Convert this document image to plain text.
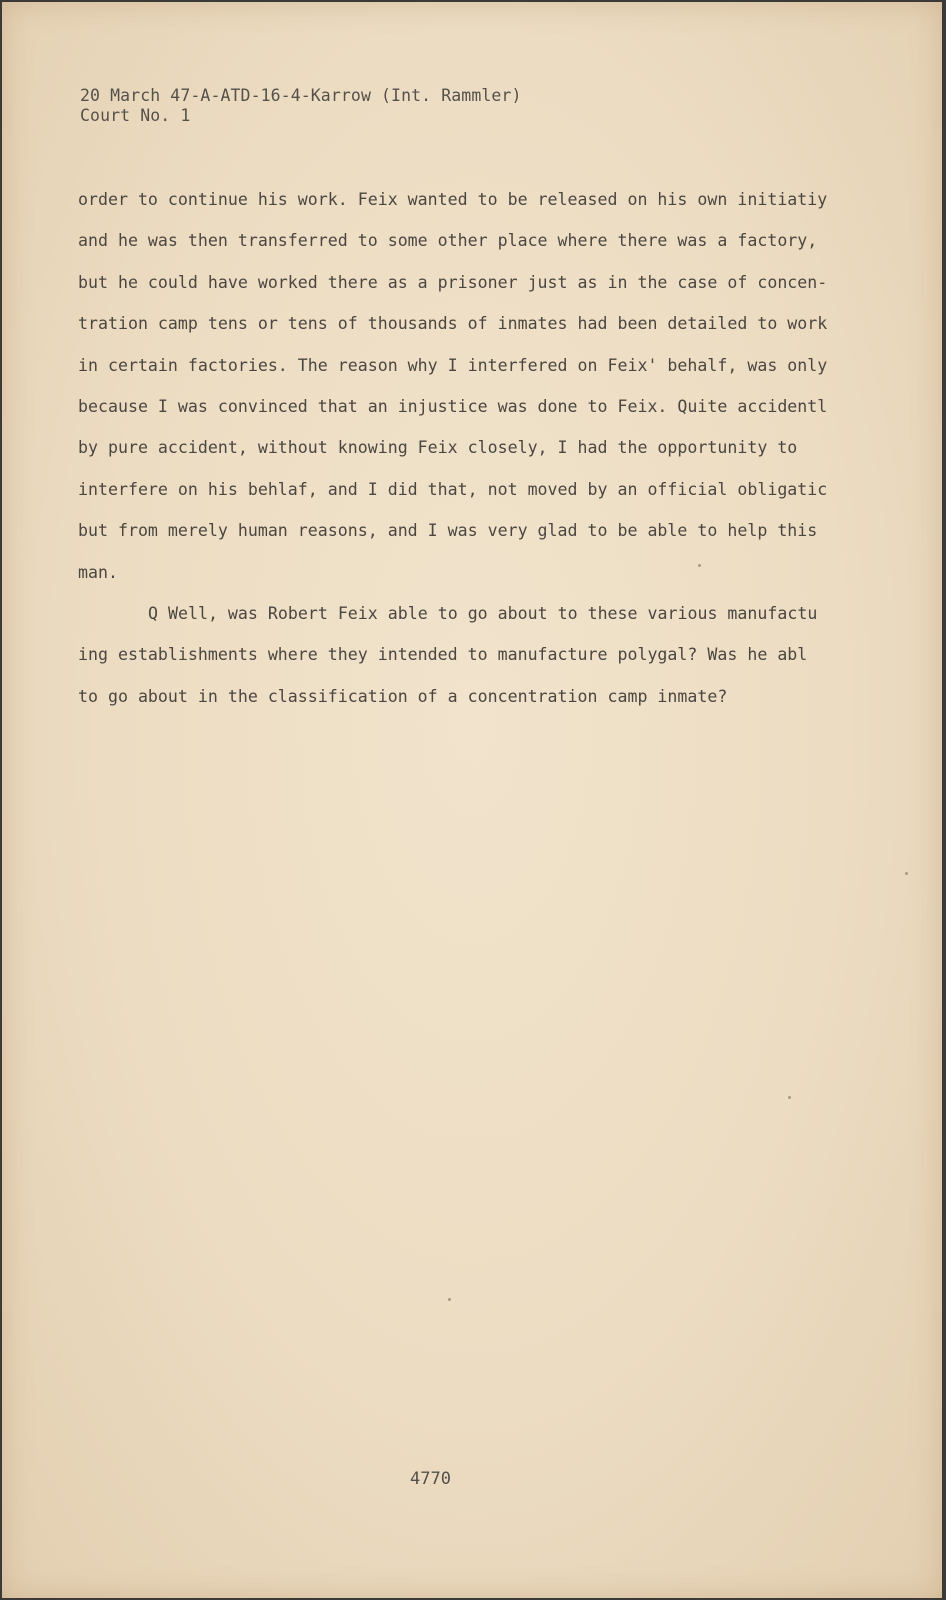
20 March 47-A-ATD-16-4-Karrow (Int. Rammler)
Court No. 1
order to continue his work. Feix wanted to be released on his own initiatiy
and he was then transferred to some other place where there was a factory,
but he could have worked there as a prisoner just as in the case of concen-
tration camp tens or tens of thousands of inmates had been detailed to work
in certain factories. The reason why I interfered on Feix' behalf, was only
because I was convinced that an injustice was done to Feix. Quite accidentl
by pure accident, without knowing Feix closely, I had the opportunity to
interfere on his behlaf, and I did that, not moved by an official obligatic
but from merely human reasons, and I was very glad to be able to help this
man.
Q Well, was Robert Feix able to go about to these various manufactu
ing establishments where they intended to manufacture polygal? Was he abl
to go about in the classification of a concentration camp inmate?
4770
